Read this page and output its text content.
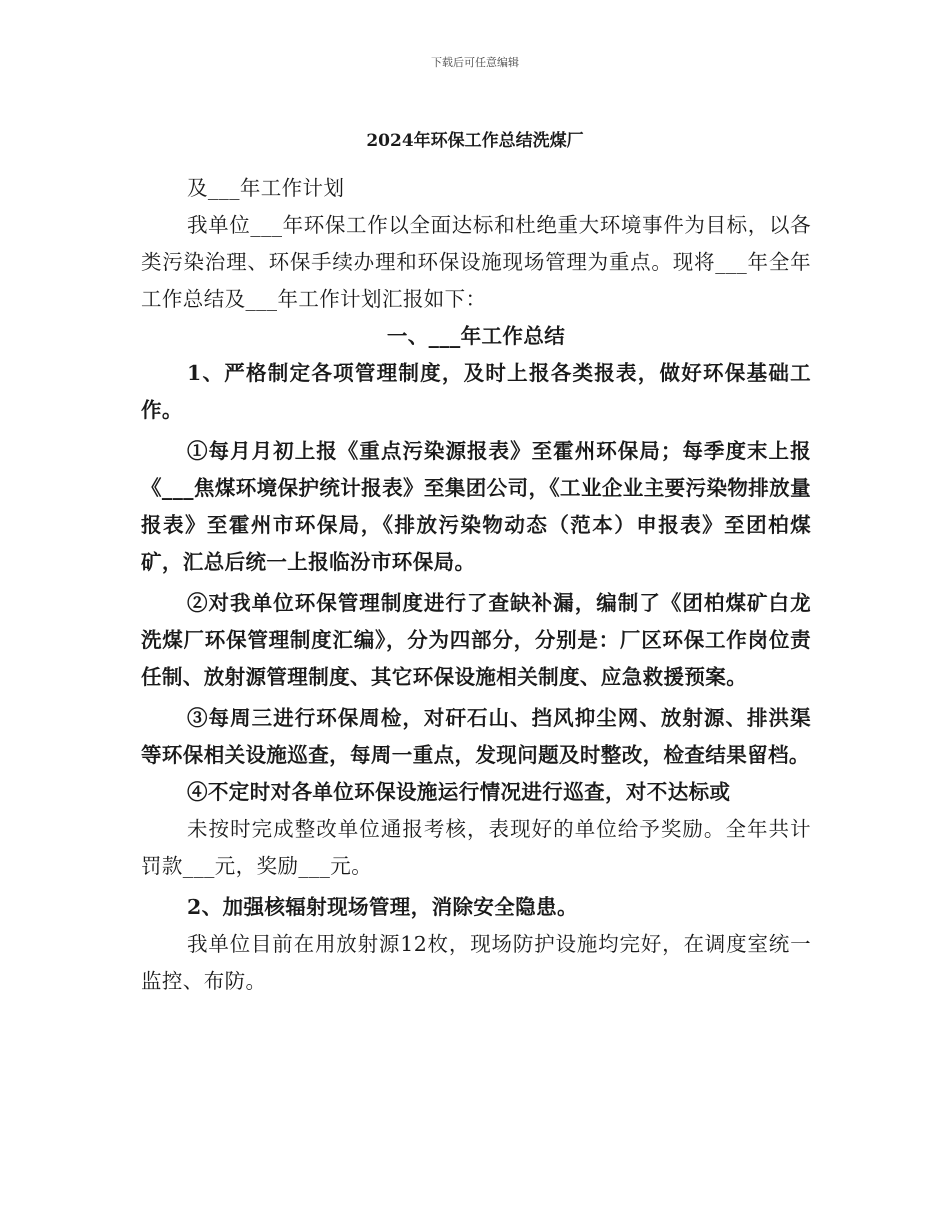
下载后可任意编辑
2024年环保工作总结洗煤厂

及___年工作计划

我单位___年环保工作以全面达标和杜绝重大环境事件为目标，以各类污染治理、环保手续办理和环保设施现场管理为重点。现将___年全年工作总结及___年工作计划汇报如下：

一、___年工作总结

1、严格制定各项管理制度，及时上报各类报表，做好环保基础工作。

①每月月初上报《重点污染源报表》至霍州环保局；每季度末上报《___焦煤环境保护统计报表》至集团公司，《工业企业主要污染物排放量报表》至霍州市环保局，《排放污染物动态（范本）申报表》至团柏煤矿，汇总后统一上报临汾市环保局。

②对我单位环保管理制度进行了查缺补漏，编制了《团柏煤矿白龙洗煤厂环保管理制度汇编》，分为四部分，分别是：厂区环保工作岗位责任制、放射源管理制度、其它环保设施相关制度、应急救援预案。

③每周三进行环保周检，对矸石山、挡风抑尘网、放射源、排洪渠等环保相关设施巡查，每周一重点，发现问题及时整改，检查结果留档。

④不定时对各单位环保设施运行情况进行巡查，对不达标或

未按时完成整改单位通报考核，表现好的单位给予奖励。全年共计罚款___元，奖励___元。

2、加强核辐射现场管理，消除安全隐患。

我单位目前在用放射源12枚，现场防护设施均完好，在调度室统一监控、布防。
